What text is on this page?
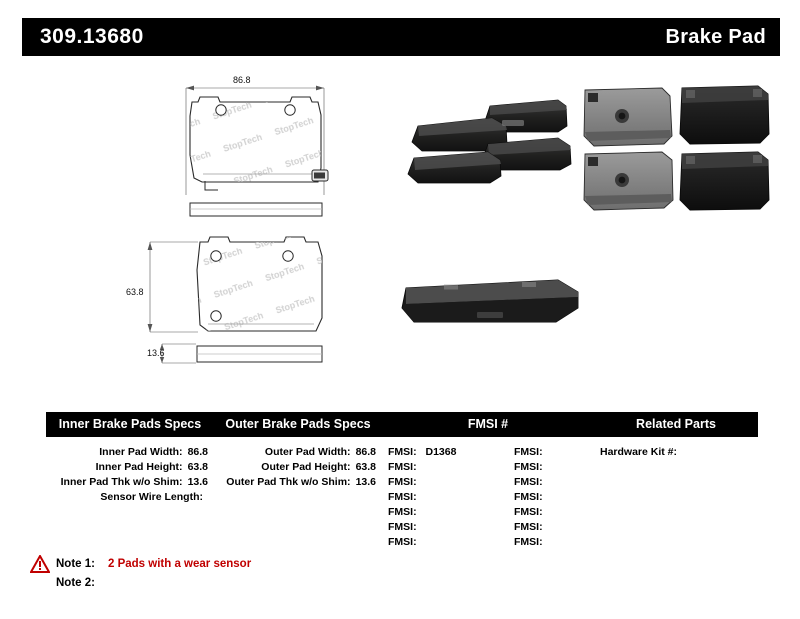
309.13680	Brake Pad
86.8
63.8
13.6
Inner Brake Pads Specs
Inner Pad Width: 86.8
Inner Pad Height: 63.8
Inner Pad Thk w/o Shim: 13.6
Sensor Wire Length:
Outer Brake Pads Specs
Outer Pad Width: 86.8
Outer Pad Height: 63.8
Outer Pad Thk w/o Shim: 13.6
FMSI #
FMSI: D1368
FMSI:
FMSI:
FMSI:
FMSI:
FMSI:
FMSI:
FMSI:
FMSI:
FMSI:
FMSI:
FMSI:
FMSI:
FMSI:
Related Parts
Hardware Kit #:
Note 1:	2 Pads with a wear sensor
Note 2:
